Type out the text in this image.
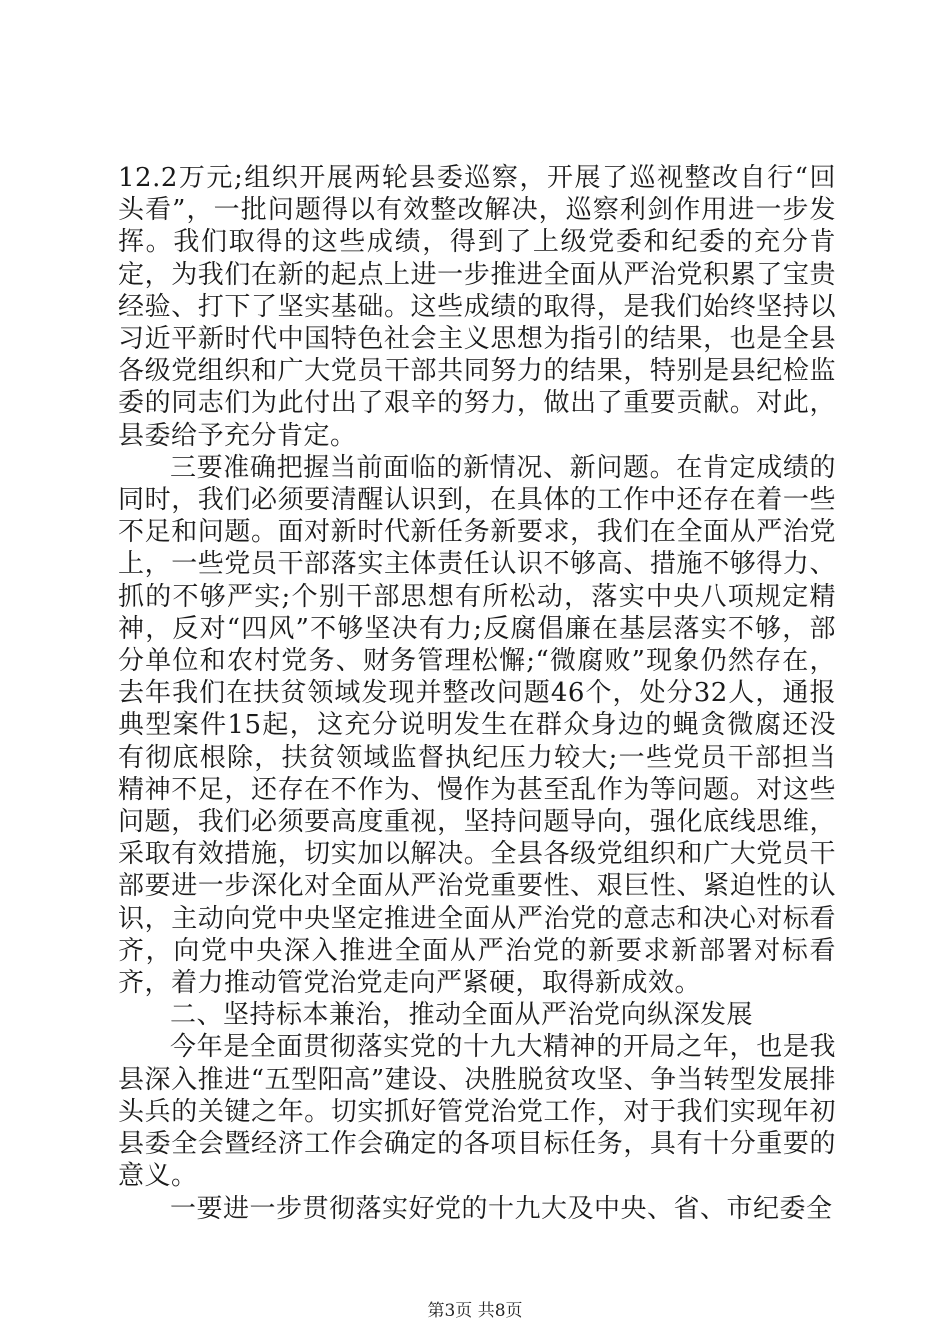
12.2万元;组织开展两轮县委巡察，开展了巡视整改自行“回头看”，一批问题得以有效整改解决，巡察利剑作用进一步发挥。我们取得的这些成绩，得到了上级党委和纪委的充分肯定，为我们在新的起点上进一步推进全面从严治党积累了宝贵经验、打下了坚实基础。这些成绩的取得，是我们始终坚持以习近平新时代中国特色社会主义思想为指引的结果，也是全县各级党组织和广大党员干部共同努力的结果，特别是县纪检监委的同志们为此付出了艰辛的努力，做出了重要贡献。对此，县委给予充分肯定。

三要准确把握当前面临的新情况、新问题。在肯定成绩的同时，我们必须要清醒认识到，在具体的工作中还存在着一些不足和问题。面对新时代新任务新要求，我们在全面从严治党上，一些党员干部落实主体责任认识不够高、措施不够得力、抓的不够严实;个别干部思想有所松动，落实中央八项规定精神，反对“四风”不够坚决有力;反腐倡廉在基层落实不够，部分单位和农村党务、财务管理松懈;“微腐败”现象仍然存在，去年我们在扶贫领域发现并整改问题46个，处分32人，通报典型案件15起，这充分说明发生在群众身边的蝇贪微腐还没有彻底根除，扶贫领域监督执纪压力较大;一些党员干部担当精神不足，还存在不作为、慢作为甚至乱作为等问题。对这些问题，我们必须要高度重视，坚持问题导向，强化底线思维，采取有效措施，切实加以解决。全县各级党组织和广大党员干部要进一步深化对全面从严治党重要性、艰巨性、紧迫性的认识，主动向党中央坚定推进全面从严治党的意志和决心对标看齐，向党中央深入推进全面从严治党的新要求新部署对标看齐，着力推动管党治党走向严紧硬，取得新成效。

二、坚持标本兼治，推动全面从严治党向纵深发展

今年是全面贯彻落实党的十九大精神的开局之年，也是我县深入推进“五型阳高”建设、决胜脱贫攻坚、争当转型发展排头兵的关键之年。切实抓好管党治党工作，对于我们实现年初县委全会暨经济工作会确定的各项目标任务，具有十分重要的意义。

一要进一步贯彻落实好党的十九大及中央、省、市纪委全

第3页 共8页
